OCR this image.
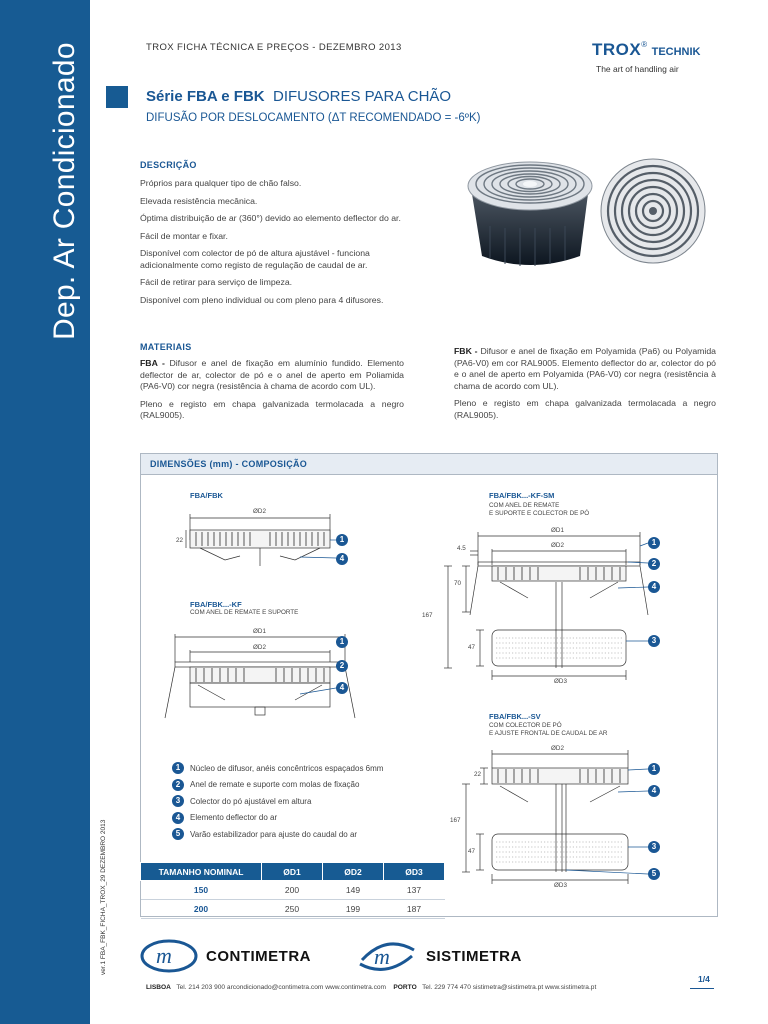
Dep. Ar Condicionado
ver.1 FBA_FBK_FICHA_TROX_29 DEZEMBRO 2013
TROX FICHA TÉCNICA E PREÇOS - DEZEMBRO 2013	TROX® TECHNIK
The art of handling air
Série FBA e FBK DIFUSORES PARA CHÃO
DIFUSÃO POR DESLOCAMENTO (ΔT RECOMENDADO = -6ºK)
DESCRIÇÃO

Próprios para qualquer tipo de chão falso.

Elevada resistência mecânica.

Óptima distribuição de ar (360°) devido ao elemento deflector do ar.

Fácil de montar e fixar.

Disponível com colector de pó de altura ajustável - funciona adicionalmente como registo de regulação de caudal de ar.

Fácil de retirar para serviço de limpeza.

Disponível com pleno individual ou com pleno para 4 difusores.

MATERIAIS

FBA - Difusor e anel de fixação em alumínio fundido. Elemento deflector de ar, colector de pó e o anel de aperto em Poliamida (PA6-V0) cor negra (resistência à chama de acordo com UL).

Pleno e registo em chapa galvanizada termolacada a negro (RAL9005).

FBK - Difusor e anel de fixação em Polyamida (Pa6) ou Polyamida (PA6-V0) em cor RAL9005. Elemento deflector do ar, colector do pó e o anel de aperto em Polyamida (PA6-V0) cor negra (resistência à chama de acordo com UL).

Pleno e registo em chapa galvanizada termolacada a negro (RAL9005).

DIMENSÕES (mm) - COMPOSIÇÃO
FBA/FBK
FBA/FBK...-KF
COM ANEL DE REMATE E SUPORTE
FBA/FBK...-KF-SM
COM ANEL DE REMATE
E SUPORTE E COLECTOR DE PÓ
FBA/FBK...-SV
COM COLECTOR DE PÓ
E AJUSTE FRONTAL DE CAUDAL DE AR
ØD2
22
ØD1
ØD2
ØD1
ØD2
4.5
70
167
47
ØD3
ØD2
22
167
47
ØD3
1
4
1
2
4
1
2
4
3
1
4
3
5
1	Núcleo de difusor, anéis concêntricos espaçados 6mm
2	Anel de remate e suporte com molas de fixação
3	Colector do pó ajustável em altura
4	Elemento deflector do ar
5	Varão estabilizador para ajuste do caudal do ar
TAMANHO NOMINAL	ØD1	ØD2	ØD3
150	200	149	137
200	250	199	187
m CONTIMETRA	m SISTIMETRA
LISBOA Tel. 214 203 900 arcondicionado@contimetra.com www.contimetra.com PORTO Tel. 229 774 470 sistimetra@sistimetra.pt www.sistimetra.pt
1/4
